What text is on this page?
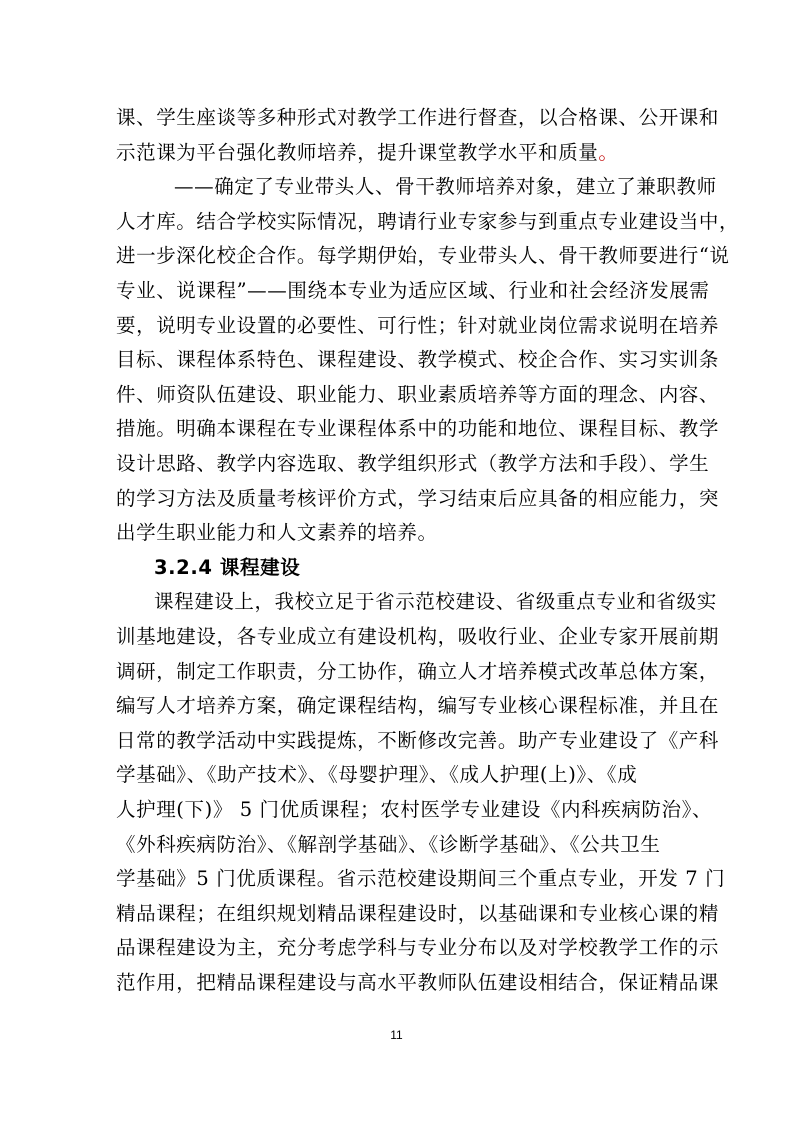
课、学生座谈等多种形式对教学工作进行督查，以合格课、公开课和
示范课为平台强化教师培养，提升课堂教学水平和质量。
——确定了专业带头人、骨干教师培养对象，建立了兼职教师
人才库。结合学校实际情况，聘请行业专家参与到重点专业建设当中，
进一步深化校企合作。每学期伊始，专业带头人、骨干教师要进行“说
专业、说课程”——围绕本专业为适应区域、行业和社会经济发展需
要，说明专业设置的必要性、可行性；针对就业岗位需求说明在培养
目标、课程体系特色、课程建设、教学模式、校企合作、实习实训条
件、师资队伍建设、职业能力、职业素质培养等方面的理念、内容、
措施。明确本课程在专业课程体系中的功能和地位、课程目标、教学
设计思路、教学内容选取、教学组织形式（教学方法和手段）、学生
的学习方法及质量考核评价方式，学习结束后应具备的相应能力，突
出学生职业能力和人文素养的培养。
3.2.4 课程建设
课程建设上，我校立足于省示范校建设、省级重点专业和省级实
训基地建设，各专业成立有建设机构，吸收行业、企业专家开展前期
调研，制定工作职责，分工协作，确立人才培养模式改革总体方案，
编写人才培养方案，确定课程结构，编写专业核心课程标准，并且在
日常的教学活动中实践提炼，不断修改完善。助产专业建设了《产科
学基础》、《助产技术》、《母婴护理》、《成人护理(上)》、《成
人护理(下)》 5 门优质课程；农村医学专业建设《内科疾病防治》、
《外科疾病防治》、《解剖学基础》、《诊断学基础》、《公共卫生
学基础》5 门优质课程。省示范校建设期间三个重点专业，开发 7 门
精品课程；在组织规划精品课程建设时，以基础课和专业核心课的精
品课程建设为主，充分考虑学科与专业分布以及对学校教学工作的示
范作用，把精品课程建设与高水平教师队伍建设相结合，保证精品课
11
